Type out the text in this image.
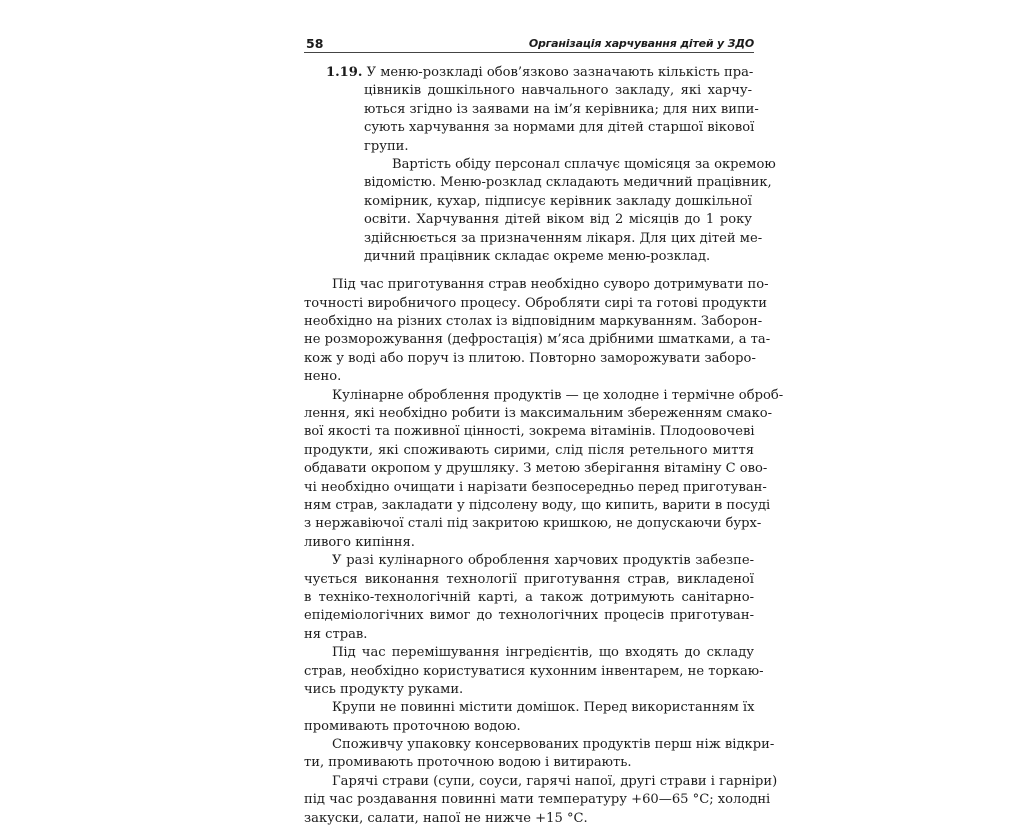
58	Організація харчування дітей у ЗДО
1.19. У меню-розкладі обов’язково зазначають кількість пра-
цівників дошкільного навчального закладу, які харчу-
ються згідно із заявами на ім’я керівника; для них випи-
сують харчування за нормами для дітей старшої вікової
групи.
Вартість обіду персонал сплачує щомісяця за окремою
відомістю. Меню-розклад складають медичний працівник,
комірник, кухар, підписує керівник закладу дошкільної
освіти. Харчування дітей віком від 2 місяців до 1 року
здійснюється за призначенням лікаря. Для цих дітей ме-
дичний працівник складає окреме меню-розклад.
Під час приготування страв необхідно суворо дотримувати по-
точності виробничого процесу. Обробляти сирі та готові продукти
необхідно на різних столах із відповідним маркуванням. Заборон-
не розморожування (дефростація) м’яса дрібними шматками, а та-
кож у воді або поруч із плитою. Повторно заморожувати заборо-
нено.
Кулінарне оброблення продуктів — це холодне і термічне оброб-
лення, які необхідно робити із максимальним збереженням смако-
вої якості та поживної цінності, зокрема вітамінів. Плодоовочеві
продукти, які споживають сирими, слід після ретельного миття
обдавати окропом у друшляку. З метою зберігання вітаміну С ово-
чі необхідно очищати і нарізати безпосередньо перед приготуван-
ням страв, закладати у підсолену воду, що кипить, варити в посуді
з нержавіючої сталі під закритою кришкою, не допускаючи бурх-
ливого кипіння.
У разі кулінарного оброблення харчових продуктів забезпе-
чується виконання технології приготування страв, викладеної
в техніко-технологічній карті, а також дотримують санітарно-
епідеміологічних вимог до технологічних процесів приготуван-
ня страв.
Під час перемішування інгредієнтів, що входять до складу
страв, необхідно користуватися кухонним інвентарем, не торкаю-
чись продукту руками.
Крупи не повинні містити домішок. Перед використанням їх
промивають проточною водою.
Споживчу упаковку консервованих продуктів перш ніж відкри-
ти, промивають проточною водою і витирають.
Гарячі страви (супи, соуси, гарячі напої, другі страви і гарніри)
під час роздавання повинні мати температуру +60—65 °С; холодні
закуски, салати, напої не нижче +15 °С.
